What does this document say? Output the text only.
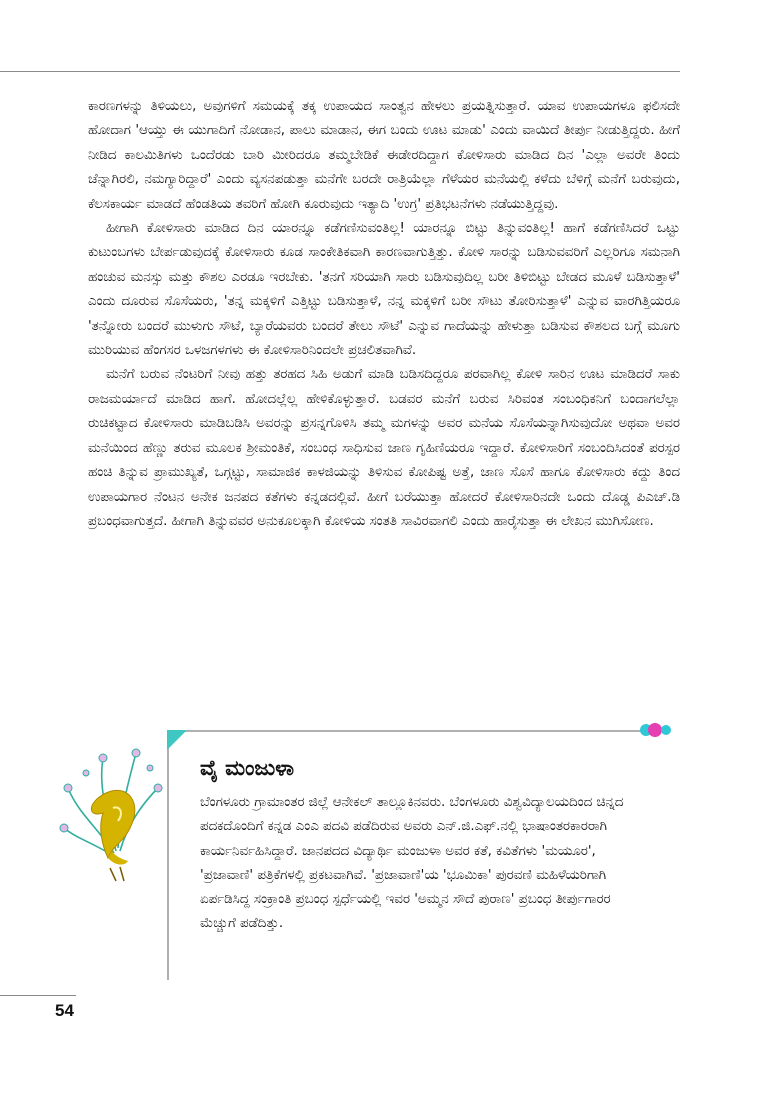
ಕಾರಣಗಳನ್ನು ತಿಳಿಯಲು, ಅವುಗಳಿಗೆ ಸಮಯಕ್ಕೆ ತಕ್ಕ ಉಪಾಯದ ಸಾಂತ್ವನ ಹೇಳಲು ಪ್ರಯತ್ನಿಸುತ್ತಾರೆ. ಯಾವ ಉಪಾಯಗಳೂ ಫಲಿಸದೇ ಹೋದಾಗ 'ಆಯ್ತು ಈ ಯುಗಾದಿಗೆ ನೋಡಾನ, ಪಾಲು ಮಾಡಾನ, ಈಗ ಬಂದು ಊಟ ಮಾಡು' ಎಂದು ವಾಯಿದೆ ತೀರ್ಪು ನೀಡುತ್ತಿದ್ದರು. ಹೀಗೆ ನೀಡಿದ ಕಾಲಮಿತಿಗಳು ಒಂದೆರಡು ಬಾರಿ ಮೀರಿದರೂ ತಮ್ಮಬೇಡಿಕೆ ಈಡೇರದಿದ್ದಾಗ ಕೋಳಿಸಾರು ಮಾಡಿದ ದಿನ 'ಎಲ್ಲಾ ಅವರೇ ತಿಂದು ಚೆನ್ನಾಗಿರಲಿ, ನಮಗ್ಯಾರಿದ್ದಾರೆ' ಎಂದು ವ್ಯಸನಪಡುತ್ತಾ ಮನೆಗೇ ಬರದೇ ರಾತ್ರಿಯೆಲ್ಲಾ ಗೆಳೆಯರ ಮನೆಯಲ್ಲಿ ಕಳೆದು ಬೆಳಿಗ್ಗೆ ಮನೆಗೆ ಬರುವುದು, ಕೆಲಸಕಾರ್ಯ ಮಾಡದೆ ಹೆಂಡತಿಯ ತವರಿಗೆ ಹೋಗಿ ಕೂರುವುದು ಇತ್ಯಾದಿ 'ಉಗ್ರ' ಪ್ರತಿಭಟನೆಗಳು ನಡೆಯುತ್ತಿದ್ದವು.

ಹೀಗಾಗಿ ಕೋಳಿಸಾರು ಮಾಡಿದ ದಿನ ಯಾರನ್ನೂ ಕಡೆಗಣಿಸುವಂತಿಲ್ಲ! ಯಾರನ್ನೂ ಬಿಟ್ಟು ತಿನ್ನುವಂತಿಲ್ಲ! ಹಾಗೆ ಕಡೆಗಣಿಸಿದರೆ ಒಟ್ಟು ಕುಟುಂಬಗಳು ಬೇರ್ಪಡುವುದಕ್ಕೆ ಕೋಳಿಸಾರು ಕೂಡ ಸಾಂಕೇತಿಕವಾಗಿ ಕಾರಣವಾಗುತ್ತಿತ್ತು. ಕೋಳಿ ಸಾರನ್ನು ಬಡಿಸುವವರಿಗೆ ಎಲ್ಲರಿಗೂ ಸಮನಾಗಿ ಹಂಚುವ ಮನಸ್ಸು ಮತ್ತು ಕೌಶಲ ಎರಡೂ ಇರಬೇಕು. 'ತನಗೆ ಸರಿಯಾಗಿ ಸಾರು ಬಡಿಸುವುದಿಲ್ಲ ಬರೀ ತಿಳಿಬಿಟ್ಟು ಬೇಡದ ಮೂಳೆ ಬಡಿಸುತ್ತಾಳೆ' ಎಂದು ದೂರುವ ಸೊಸೆಯರು, 'ತನ್ನ ಮಕ್ಕಳಿಗೆ ಎತ್ತಿಟ್ಟು ಬಡಿಸುತ್ತಾಳೆ, ನನ್ನ ಮಕ್ಕಳಿಗೆ ಬರೀ ಸೌಟು ತೋರಿಸುತ್ತಾಳೆ' ಎನ್ನುವ ವಾರಗಿತ್ತಿಯರೂ 'ತನ್ನೋರು ಬಂದರೆ ಮುಳುಗು ಸೌಟೆ, ಬ್ಯಾರೆಯವರು ಬಂದರೆ ತೇಲು ಸೌಟೆ' ಎನ್ನುವ ಗಾದೆಯನ್ನು ಹೇಳುತ್ತಾ ಬಡಿಸುವ ಕೌಶಲದ ಬಗ್ಗೆ ಮೂಗು ಮುರಿಯುವ ಹೆಂಗಸರ ಒಳಜಗಳಗಳು ಈ ಕೋಳಿಸಾರಿನಿಂದಲೇ ಪ್ರಚಲಿತವಾಗಿವೆ.

ಮನೆಗೆ ಬರುವ ನೆಂಟರಿಗೆ ನೀವು ಹತ್ತು ತರಹದ ಸಿಹಿ ಅಡುಗೆ ಮಾಡಿ ಬಡಿಸದಿದ್ದರೂ ಪರವಾಗಿಲ್ಲ ಕೋಳಿ ಸಾರಿನ ಊಟ ಮಾಡಿದರೆ ಸಾಕು ರಾಜಮರ್ಯಾದೆ ಮಾಡಿದ ಹಾಗೆ. ಹೋದಲ್ಲೆಲ್ಲ ಹೇಳಿಕೊಳ್ಳುತ್ತಾರೆ. ಬಡವರ ಮನೆಗೆ ಬರುವ ಸಿರಿವಂತ ಸಂಬಂಧಿಕನಿಗೆ ಬಂದಾಗಲೆಲ್ಲಾ ರುಚಿಕಟ್ಟಾದ ಕೋಳಿಸಾರು ಮಾಡಿಬಡಿಸಿ ಅವರನ್ನು ಪ್ರಸನ್ನಗೊಳಿಸಿ ತಮ್ಮ ಮಗಳನ್ನು ಅವರ ಮನೆಯ ಸೊಸೆಯನ್ನಾಗಿಸುವುದೋ ಅಥವಾ ಅವರ ಮನೆಯಿಂದ ಹೆಣ್ಣು ತರುವ ಮೂಲಕ ಶ್ರೀಮಂತಿಕೆ, ಸಂಬಂಧ ಸಾಧಿಸುವ ಜಾಣ ಗೃಹಿಣಿಯರೂ ಇದ್ದಾರೆ. ಕೋಳಿಸಾರಿಗೆ ಸಂಬಂದಿಸಿದಂತೆ ಪರಸ್ಪರ ಹಂಚಿ ತಿನ್ನುವ ಪ್ರಾಮುಖ್ಯತೆ, ಒಗ್ಗಟ್ಟು, ಸಾಮಾಜಿಕ ಕಾಳಜಿಯನ್ನು ತಿಳಿಸುವ ಕೋಪಿಷ್ಟ ಅತ್ತೆ, ಜಾಣ ಸೊಸೆ ಹಾಗೂ ಕೋಳಿಸಾರು ಕದ್ದು ತಿಂದ ಉಪಾಯಗಾರ ನೆಂಟನ ಅನೇಕ ಜನಪದ ಕತೆಗಳು ಕನ್ನಡದಲ್ಲಿವೆ. ಹೀಗೆ ಬರೆಯುತ್ತಾ ಹೋದರೆ ಕೋಳಿಸಾರಿನದೇ ಒಂದು ದೊಡ್ಡ ಪಿಎಚ್.ಡಿ ಪ್ರಬಂಧವಾಗುತ್ತದೆ. ಹೀಗಾಗಿ ತಿನ್ನುವವರ ಅನುಕೂಲಕ್ಕಾಗಿ ಕೋಳಿಯ ಸಂತತಿ ಸಾವಿರವಾಗಲಿ ಎಂದು ಹಾರೈಸುತ್ತಾ ಈ ಲೇಖನ ಮುಗಿಸೋಣ.

ವೈ ಮಂಜುಳಾ

ಬೆಂಗಳೂರು ಗ್ರಾಮಾಂತರ ಜಿಲ್ಲೆ ಆನೇಕಲ್ ತಾಲ್ಲೂಕಿನವರು. ಬೆಂಗಳೂರು ವಿಶ್ವವಿದ್ಯಾಲಯದಿಂದ ಚಿನ್ನದ ಪದಕದೊಂದಿಗೆ ಕನ್ನಡ ಎಂಎ ಪದವಿ ಪಡೆದಿರುವ ಅವರು ಎನ್.ಜಿ.ಎಫ್.ನಲ್ಲಿ ಭಾಷಾಂತರಕಾರರಾಗಿ ಕಾರ್ಯನಿರ್ವಹಿಸಿದ್ದಾರೆ. ಜಾನಪದದ ವಿದ್ಯಾರ್ಥಿ ಮಂಜುಳಾ ಅವರ ಕತೆ, ಕವಿತೆಗಳು 'ಮಯೂರ', 'ಪ್ರಜಾವಾಣಿ' ಪತ್ರಿಕೆಗಳಲ್ಲಿ ಪ್ರಕಟವಾಗಿವೆ. 'ಪ್ರಜಾವಾಣಿ'ಯ 'ಭೂಮಿಕಾ' ಪುರವಣಿ ಮಹಿಳೆಯರಿಗಾಗಿ ಏರ್ಪಡಿಸಿದ್ದ ಸಂಕ್ರಾಂತಿ ಪ್ರಬಂಧ ಸ್ಪರ್ಧೆಯಲ್ಲಿ ಇವರ 'ಅಮ್ಮನ ಸೌದೆ ಪುರಾಣ' ಪ್ರಬಂಧ ತೀರ್ಪುಗಾರರ ಮೆಚ್ಚುಗೆ ಪಡೆದಿತ್ತು.

54
